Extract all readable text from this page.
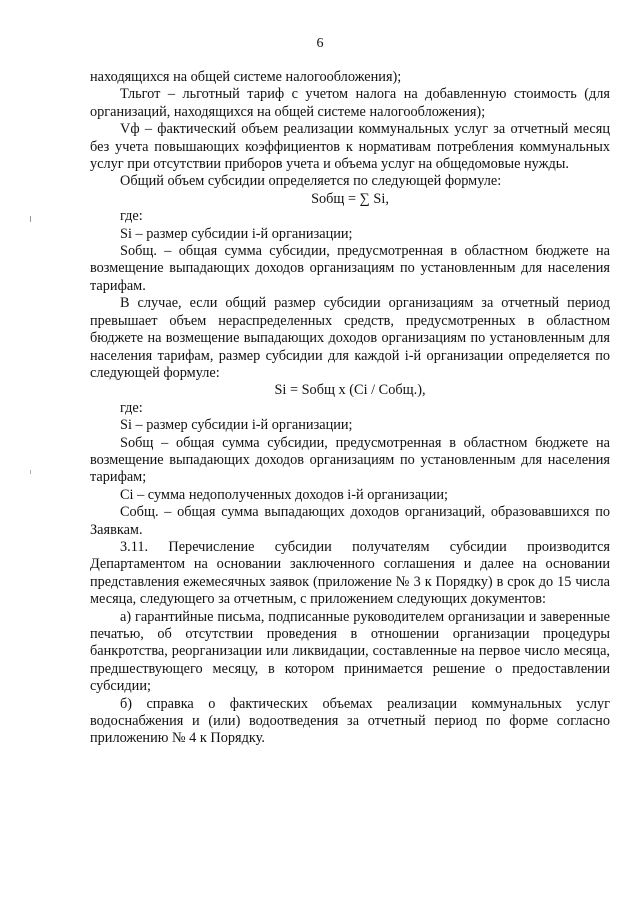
6

находящихся на общей системе налогообложения);

Тльгот – льготный тариф с учетом налога на добавленную стоимость (для организаций, находящихся на общей системе налогообложения);

Vф – фактический объем реализации коммунальных услуг за отчетный месяц без учета повышающих коэффициентов к нормативам потребления коммунальных услуг при отсутствии приборов учета и объема услуг на общедомовые нужды.

Общий объем субсидии определяется по следующей формуле:

Sобщ = ∑ Si,

где:

Si – размер субсидии i-й организации;

Sобщ. – общая сумма субсидии, предусмотренная в областном бюджете на возмещение выпадающих доходов организациям по установленным для населения тарифам.

В случае, если общий размер субсидии организациям за отчетный период превышает объем нераспределенных средств, предусмотренных в областном бюджете на возмещение выпадающих доходов организациям по установленным для населения тарифам, размер субсидии для каждой i-й организации определяется по следующей формуле:

Si = Sобщ х (Сi / Собщ.),

где:

Si – размер субсидии i-й организации;

Sобщ – общая сумма субсидии, предусмотренная в областном бюджете на возмещение выпадающих доходов организациям по установленным для населения тарифам;

Сi – сумма недополученных доходов i-й организации;

Собщ. – общая сумма выпадающих доходов организаций, образовавшихся по Заявкам.

3.11. Перечисление субсидии получателям субсидии производится Департаментом на основании заключенного соглашения и далее на основании представления ежемесячных заявок (приложение № 3 к Порядку) в срок до 15 числа месяца, следующего за отчетным, с приложением следующих документов:

а) гарантийные письма, подписанные руководителем организации и заверенные печатью, об отсутствии проведения в отношении организации процедуры банкротства, реорганизации или ликвидации, составленные на первое число месяца, предшествующего месяцу, в котором принимается решение о предоставлении субсидии;

б) справка о фактических объемах реализации коммунальных услуг водоснабжения и (или) водоотведения за отчетный период по форме согласно приложению № 4 к Порядку.
